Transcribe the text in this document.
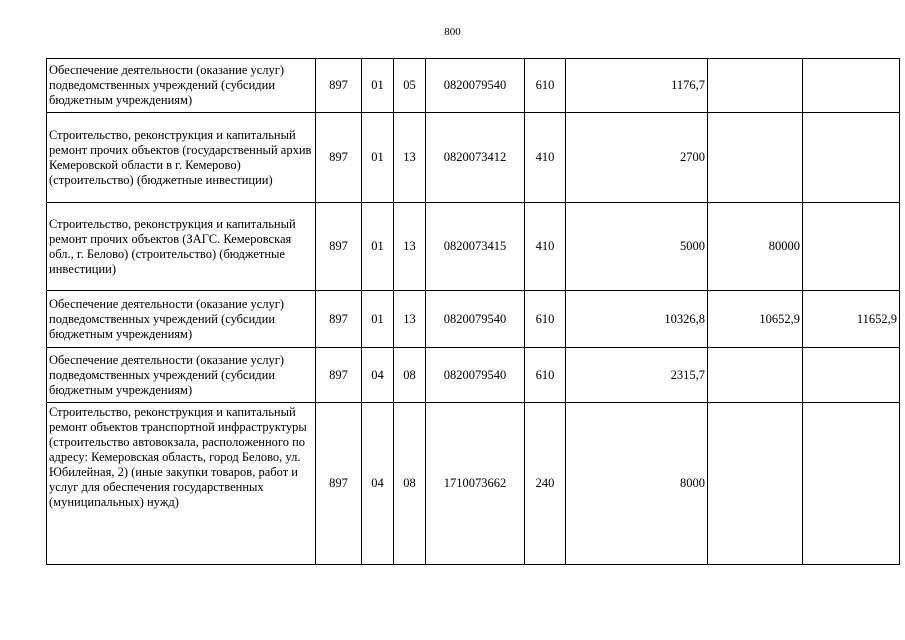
800
Обеспечение деятельности (оказание услуг) подведомственных учреждений (субсидии бюджетным учреждениям)	897	01	05	0820079540	610	1176,7		
Строительство, реконструкция и капитальный ремонт прочих объектов (государственный архив Кемеровской области в г. Кемерово) (строительство) (бюджетные инвестиции)	897	01	13	0820073412	410	2700		
Строительство, реконструкция и капитальный ремонт прочих объектов (ЗАГС. Кемеровская обл., г. Белово) (строительство) (бюджетные инвестиции)	897	01	13	0820073415	410	5000	80000	
Обеспечение деятельности (оказание услуг) подведомственных учреждений (субсидии бюджетным учреждениям)	897	01	13	0820079540	610	10326,8	10652,9	11652,9
Обеспечение деятельности (оказание услуг) подведомственных учреждений (субсидии бюджетным учреждениям)	897	04	08	0820079540	610	2315,7		
Строительство, реконструкция и капитальный ремонт объектов транспортной инфраструктуры (строительство автовокзала, расположенного по адресу: Кемеровская область, город Белово, ул. Юбилейная, 2) (иные закупки товаров, работ и услуг для обеспечения государственных (муниципальных) нужд)	897	04	08	1710073662	240	8000		
